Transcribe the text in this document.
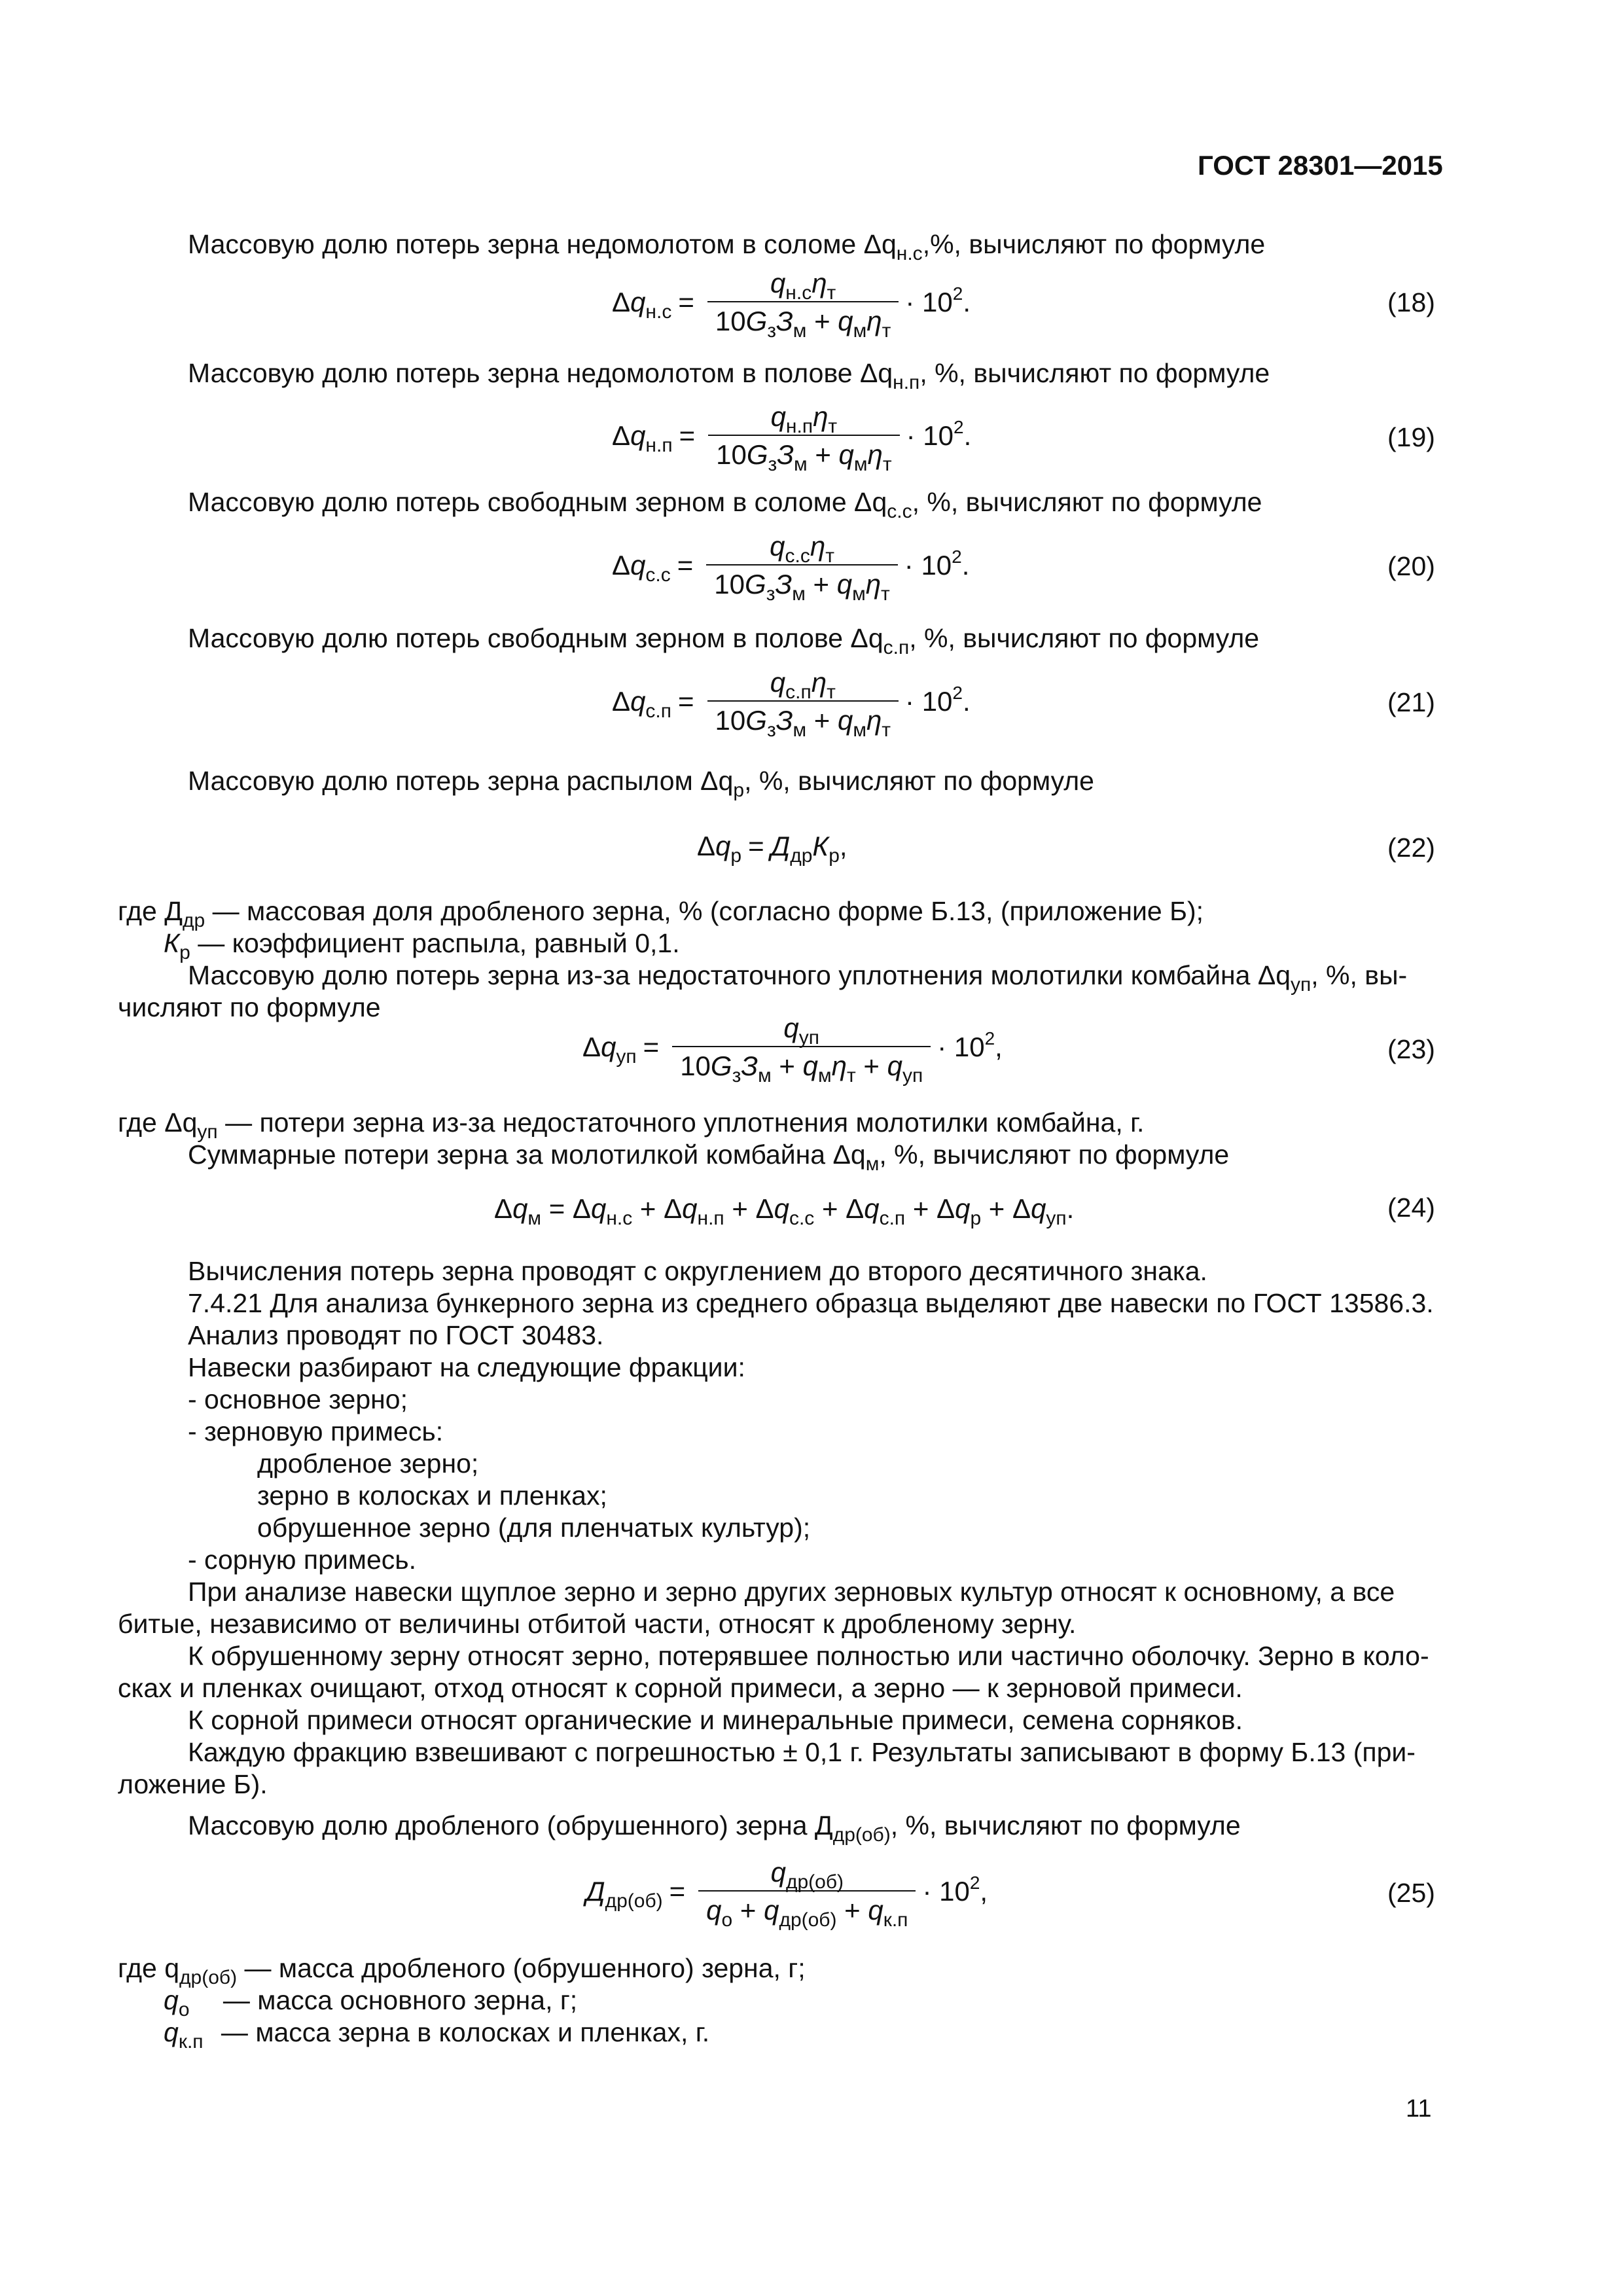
ГОСТ 28301—2015
Массовую долю потерь зерна недомолотом в соломе $\Delta q_{н.с},\%$, вычисляют по формуле
$\Delta q_{н.с} = \frac{q_{н.с}\eta_т}{10G_зЗ_м + q_м\eta_т} \cdot 10^2$.	(18)
Массовую долю потерь зерна недомолотом в полове $\Delta q_{н.п}$, %, вычисляют по формуле
$\Delta q_{н.п} = \frac{q_{н.п}\eta_т}{10G_зЗ_м + q_м\eta_т} \cdot 10^2$.	(19)
Массовую долю потерь свободным зерном в соломе $\Delta q_{с.с}$, %, вычисляют по формуле
$\Delta q_{с.с} = \frac{q_{с.с}\eta_т}{10G_зЗ_м + q_м\eta_т} \cdot 10^2$.	(20)
Массовую долю потерь свободным зерном в полове $\Delta q_{с.п}$, %, вычисляют по формуле
$\Delta q_{с.п} = \frac{q_{с.п}\eta_т}{10G_зЗ_м + q_м\eta_т} \cdot 10^2$.	(21)
Массовую долю потерь зерна распылом $\Delta q_р$, %, вычисляют по формуле
$\Delta q_р = Д_{др}К_р$,	(22)
где $Д_{др}$ — массовая доля дробленого зерна, % (согласно форме Б.13, (приложение Б);
$К_р$ — коэффициент распыла, равный 0,1.
Массовую долю потерь зерна из-за недостаточного уплотнения молотилки комбайна $\Delta q_{уп}$, %, вы-
числяют по формуле
$\Delta q_{уп} = \frac{q_{уп}}{10G_зЗ_м + q_м\eta_т + q_{уп}} \cdot 10^2$,	(23)
где $\Delta q_{уп}$ — потери зерна из-за недостаточного уплотнения молотилки комбайна, г.
Суммарные потери зерна за молотилкой комбайна $\Delta q_м$, %, вычисляют по формуле
$\Delta q_м = \Delta q_{н.с} + \Delta q_{н.п} + \Delta q_{с.с} + \Delta q_{с.п} + \Delta q_р + \Delta q_{уп}$.	(24)
Вычисления потерь зерна проводят с округлением до второго десятичного знака.
7.4.21 Для анализа бункерного зерна из среднего образца выделяют две навески по ГОСТ 13586.3.
Анализ проводят по ГОСТ 30483.
Навески разбирают на следующие фракции:
- основное зерно;
- зерновую примесь:
дробленое зерно;
зерно в колосках и пленках;
обрушенное зерно (для пленчатых культур);
- сорную примесь.
При анализе навески щуплое зерно и зерно других зерновых культур относят к основному, а все
битые, независимо от величины отбитой части, относят к дробленому зерну.
К обрушенному зерну относят зерно, потерявшее полностью или частично оболочку. Зерно в коло-
сках и пленках очищают, отход относят к сорной примеси, а зерно — к зерновой примеси.
К сорной примеси относят органические и минеральные примеси, семена сорняков.
Каждую фракцию взвешивают с погрешностью ± 0,1 г. Результаты записывают в форму Б.13 (при-
ложение Б).
Массовую долю дробленого (обрушенного) зерна $Д_{др(об)}$, %, вычисляют по формуле
$Д_{др(об)} = \frac{q_{др(об)}}{q_о + q_{др(об)} + q_{к.п}} \cdot 10^2$,	(25)
где $q_{др(об)}$ — масса дробленого (обрушенного) зерна, г;
$q_о$ — масса основного зерна, г;
$q_{к.п}$ — масса зерна в колосках и пленках, г.
11
